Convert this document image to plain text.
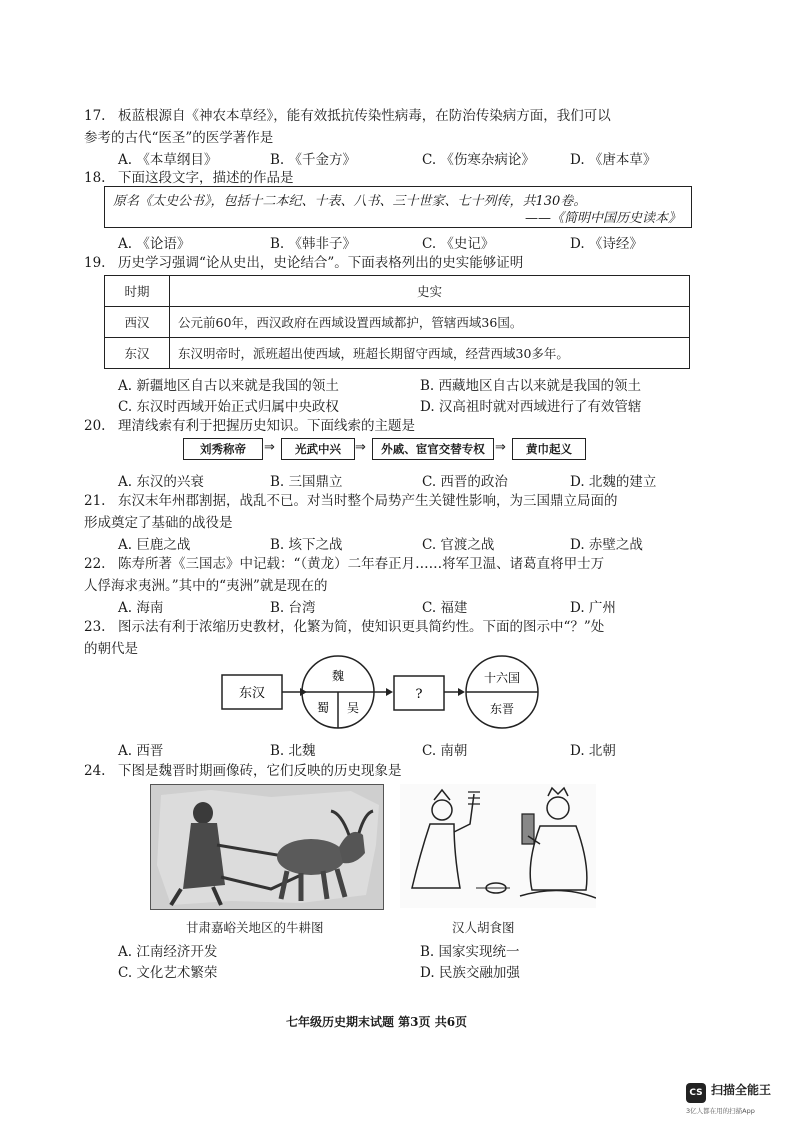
17. 板蓝根源自《神农本草经》，能有效抵抗传染性病毒，在防治传染病方面，我们可以
参考的古代“医圣”的医学著作是
A. 《本草纲目》	B. 《千金方》	C. 《伤寒杂病论》	D. 《唐本草》
18. 下面这段文字，描述的作品是
原名《太史公书》，包括十二本纪、十表、八书、三十世家、七十列传，共130卷。
——《简明中国历史读本》
A. 《论语》	B. 《韩非子》	C. 《史记》	D. 《诗经》
19. 历史学习强调“论从史出，史论结合”。下面表格列出的史实能够证明
时期	史实
西汉	公元前60年，西汉政府在西域设置西域都护，管辖西域36国。
东汉	东汉明帝时，派班超出使西域，班超长期留守西域，经营西域30多年。
A. 新疆地区自古以来就是我国的领土	B. 西藏地区自古以来就是我国的领土
C. 东汉时西域开始正式归属中央政权	D. 汉高祖时就对西域进行了有效管辖
20. 理清线索有利于把握历史知识。下面线索的主题是
刘秀称帝	⇒	光武中兴	⇒	外戚、宦官交替专权 ⇒	黄巾起义
A. 东汉的兴衰	B. 三国鼎立	C. 西晋的政治	D. 北魏的建立
21. 东汉末年州郡割据，战乱不已。对当时整个局势产生关键性影响，为三国鼎立局面的
形成奠定了基础的战役是
A. 巨鹿之战	B. 垓下之战	C. 官渡之战	D. 赤壁之战
22. 陈寿所著《三国志》中记载：“（黄龙）二年春正月……将军卫温、诸葛直将甲士万
人俘海求夷洲。”其中的“夷洲”就是现在的
A. 海南	B. 台湾	C. 福建	D. 广州
23. 图示法有利于浓缩历史教材，化繁为简，使知识更具简约性。下面的图示中“？”处
的朝代是
东汉
魏
蜀 吴
?
十六国
东晋
A. 西晋	B. 北魏	C. 南朝	D. 北朝
24. 下图是魏晋时期画像砖，它们反映的历史现象是
甘肃嘉峪关地区的牛耕图	汉人胡食图
A. 江南经济开发	B. 国家实现统一
C. 文化艺术繁荣	D. 民族交融加强
七年级历史期末试题 第3页 共6页
CS 扫描全能王
3亿人都在用的扫描App
